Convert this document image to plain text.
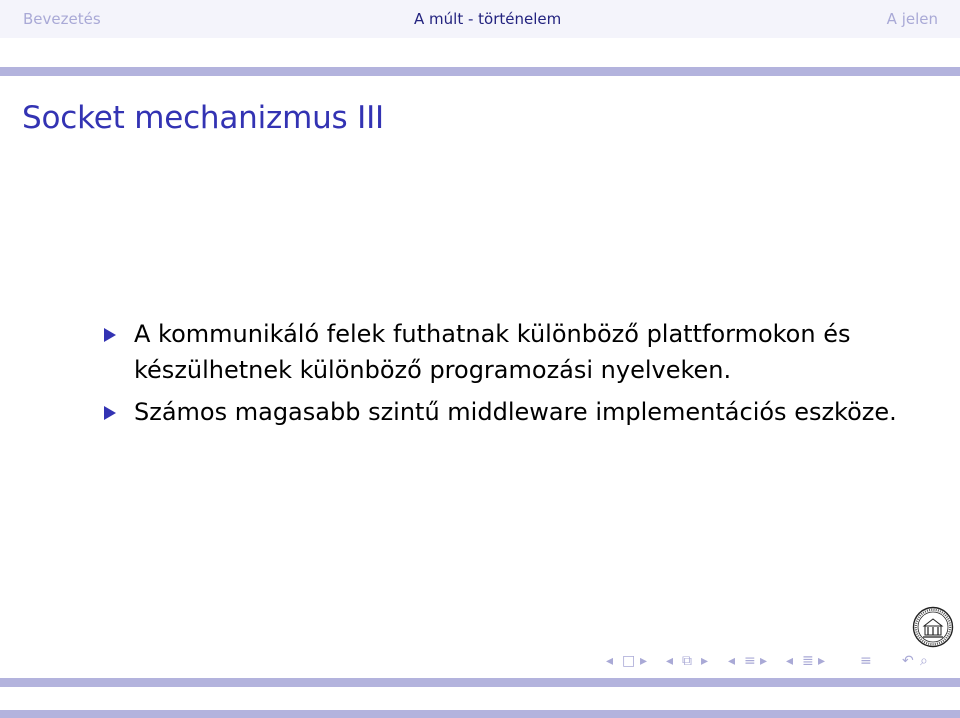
Bevezetés	A múlt - történelem	A jelen
Socket mechanizmus III
A kommunikáló felek futhatnak különböző plattformokon és
készülhetnek különböző programozási nyelveken.
Számos magasabb szintű middleware implementációs eszköze.
◂ □ ▸ ◂ ⧉ ▸ ◂ ≡ ▸ ◂ ≣ ▸ ≡ ↶ ⌕
